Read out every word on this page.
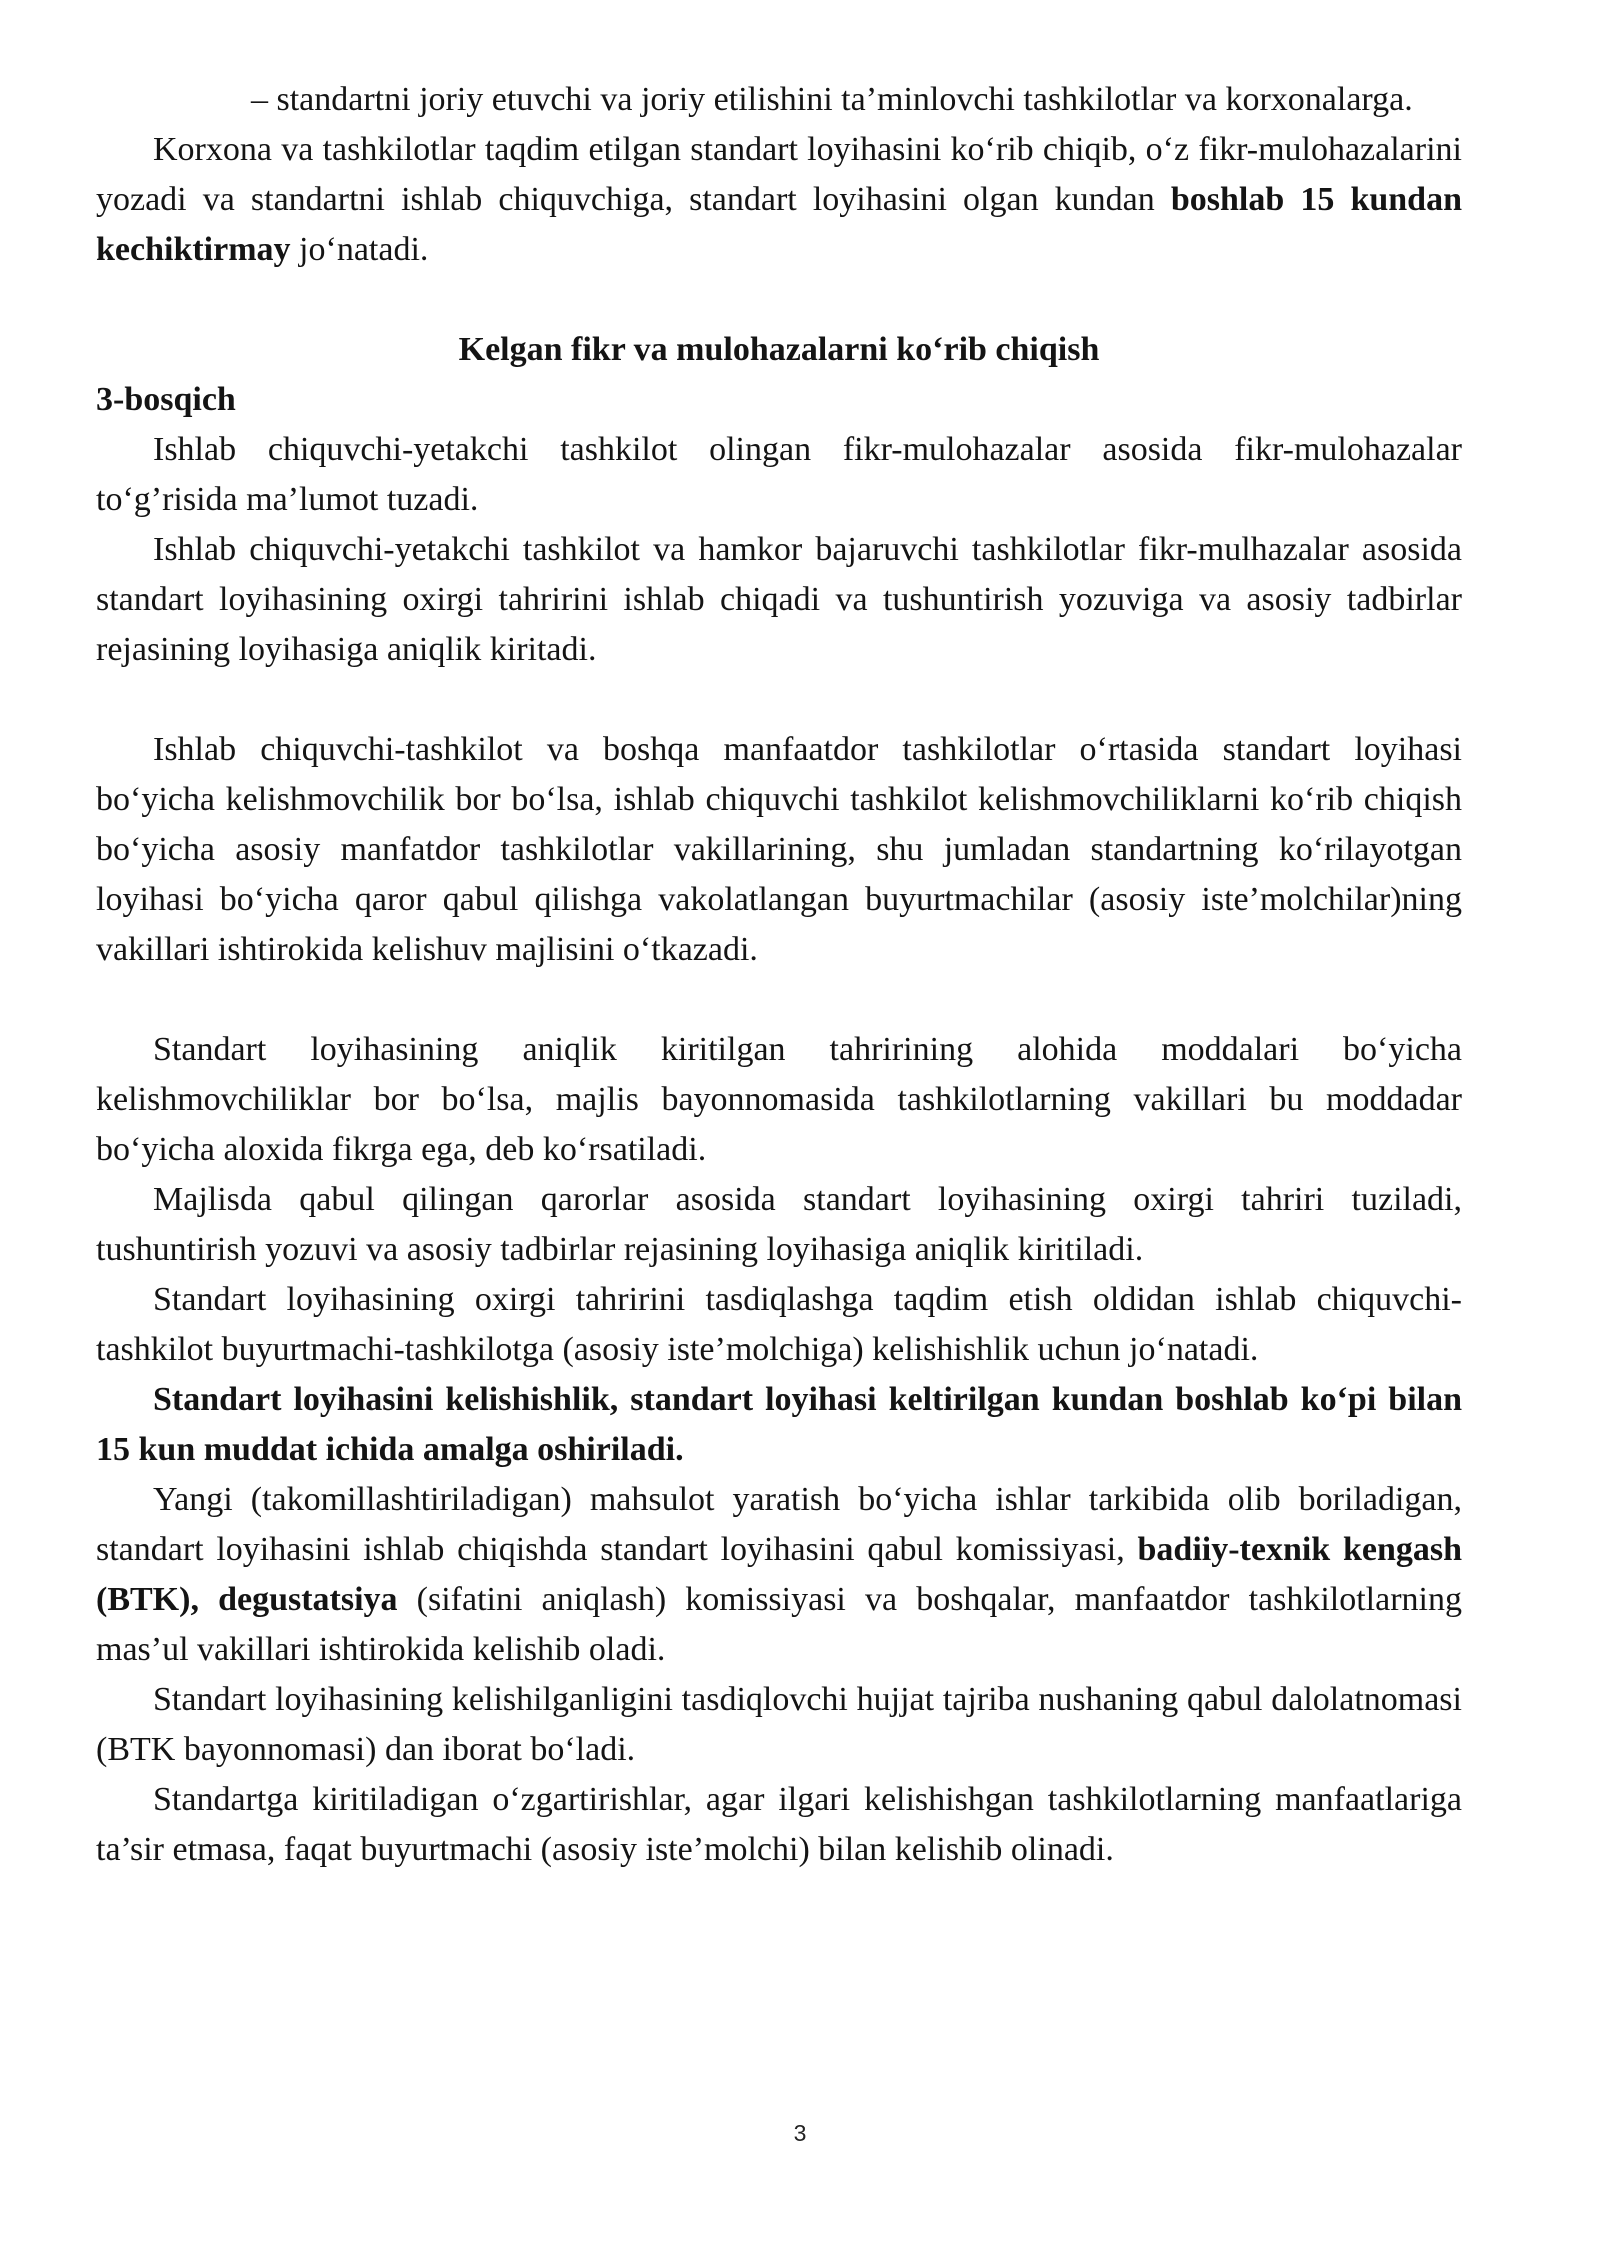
– standartni joriy etuvchi va joriy etilishini ta’minlovchi tashkilotlar va korxonalarga.

Korxona va tashkilotlar taqdim etilgan standart loyihasini ko‘rib chiqib, o‘z fikr-mulohazalarini yozadi va standartni ishlab chiquvchiga, standart loyihasini olgan kundan boshlab 15 kundan kechiktirmay jo‘natadi.

Kelgan fikr va mulohazalarni ko‘rib chiqish

3-bosqich

Ishlab chiquvchi-yetakchi tashkilot olingan fikr-mulohazalar asosida fikr-mulohazalar to‘g’risida ma’lumot tuzadi.

Ishlab chiquvchi-yetakchi tashkilot va hamkor bajaruvchi tashkilotlar fikr-mulhazalar asosida standart loyihasining oxirgi tahririni ishlab chiqadi va tushuntirish yozuviga va asosiy tadbirlar rejasining loyihasiga aniqlik kiritadi.

Ishlab chiquvchi-tashkilot va boshqa manfaatdor tashkilotlar o‘rtasida standart loyihasi bo‘yicha kelishmovchilik bor bo‘lsa, ishlab chiquvchi tashkilot kelishmovchiliklarni ko‘rib chiqish bo‘yicha asosiy manfatdor tashkilotlar vakillarining, shu jumladan standartning ko‘rilayotgan loyihasi bo‘yicha qaror qabul qilishga vakolatlangan buyurtmachilar (asosiy iste’molchilar)ning vakillari ishtirokida kelishuv majlisini o‘tkazadi.

Standart loyihasining aniqlik kiritilgan tahririning alohida moddalari bo‘yicha kelishmovchiliklar bor bo‘lsa, majlis bayonnomasida tashkilotlarning vakillari bu moddadar bo‘yicha aloxida fikrga ega, deb ko‘rsatiladi.

Majlisda qabul qilingan qarorlar asosida standart loyihasining oxirgi tahriri tuziladi, tushuntirish yozuvi va asosiy tadbirlar rejasining loyihasiga aniqlik kiritiladi.

Standart loyihasining oxirgi tahririni tasdiqlashga taqdim etish oldidan ishlab chiquvchi-tashkilot buyurtmachi-tashkilotga (asosiy iste’molchiga) kelishishlik uchun jo‘natadi.

Standart loyihasini kelishishlik, standart loyihasi keltirilgan kundan boshlab ko‘pi bilan 15 kun muddat ichida amalga oshiriladi.

Yangi (takomillashtiriladigan) mahsulot yaratish bo‘yicha ishlar tarkibida olib boriladigan, standart loyihasini ishlab chiqishda standart loyihasini qabul komissiyasi, badiiy-texnik kengash (BTK), degustatsiya (sifatini aniqlash) komissiyasi va boshqalar, manfaatdor tashkilotlarning mas’ul vakillari ishtirokida kelishib oladi.

Standart loyihasining kelishilganligini tasdiqlovchi hujjat tajriba nushaning qabul dalolatnomasi (BTK bayonnomasi) dan iborat bo‘ladi.

Standartga kiritiladigan o‘zgartirishlar, agar ilgari kelishishgan tashkilotlarning manfaatlariga ta’sir etmasa, faqat buyurtmachi (asosiy iste’molchi) bilan kelishib olinadi.

3
